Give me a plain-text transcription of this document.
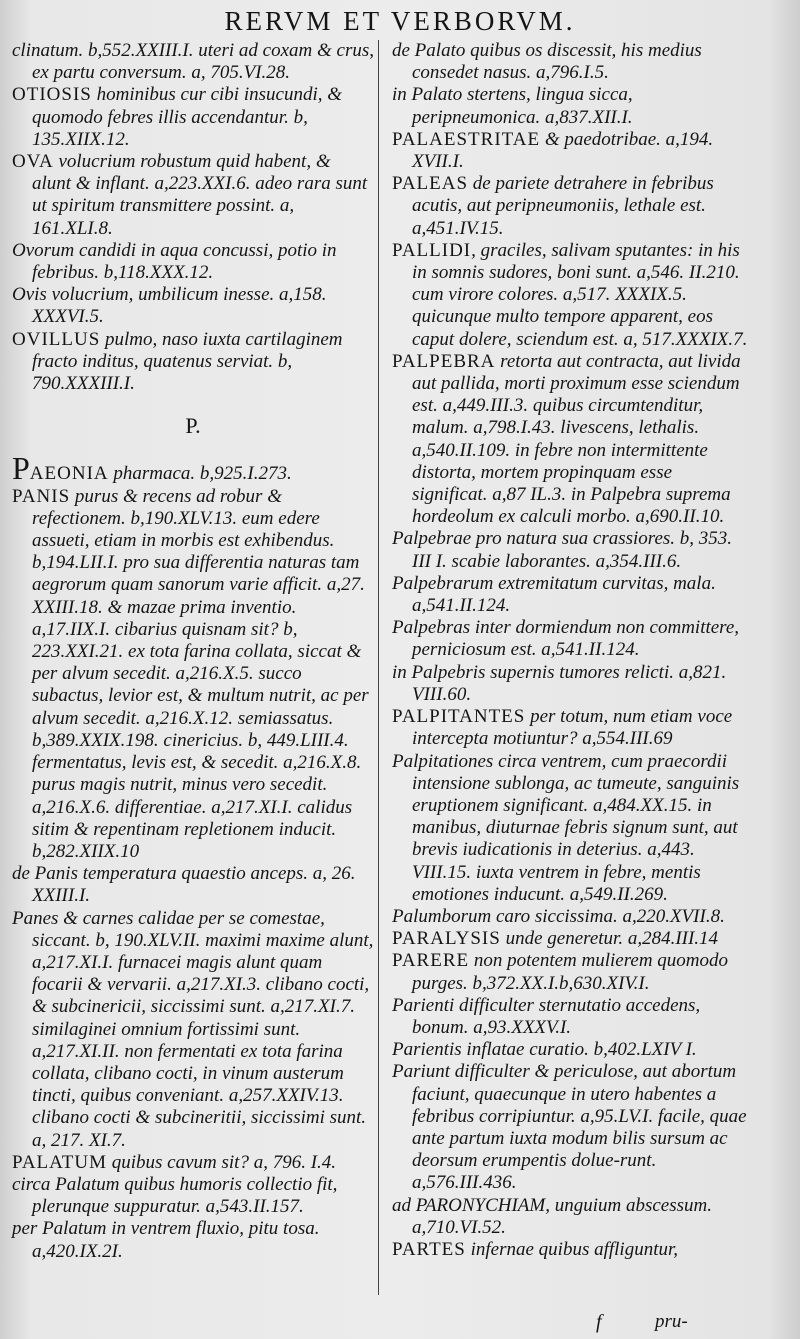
RERVM ET VERBORVM.

clinatum. b,552.XXIII.I. uteri ad coxam & crus, ex partu conversum. a, 705.VI.28.

OTIOSIS hominibus cur cibi insucundi, & quomodo febres illis accendantur. b, 135.XIIX.12.

OVA volucrium robustum quid habent, & alunt & inflant. a,223.XXI.6. adeo rara sunt ut spiritum transmittere possint. a, 161.XLI.8.

Ovorum candidi in aqua concussi, potio in febribus. b,118.XXX.12.

Ovis volucrium, umbilicum inesse. a,158. XXXVI.5.

OVILLUS pulmo, naso iuxta cartilaginem fracto inditus, quatenus serviat. b, 790.XXXIII.I.

P.

PAEONIA pharmaca. b,925.I.273.

PANIS purus & recens ad robur & refectionem. b,190.XLV.13. eum edere assueti, etiam in morbis est exhibendus. b,194.LII.I. pro sua differentia naturas tam aegrorum quam sanorum varie afficit. a,27. XXIII.18. & mazae prima inventio. a,17.IIX.I. cibarius quisnam sit? b, 223.XXI.21. ex tota farina collata, siccat & per alvum secedit. a,216.X.5. succo subactus, levior est, & multum nutrit, ac per alvum secedit. a,216.X.12. semiassatus. b,389.XXIX.198. cinericius. b, 449.LIII.4. fermentatus, levis est, & secedit. a,216.X.8. purus magis nutrit, minus vero secedit. a,216.X.6. differentiae. a,217.XI.I. calidus sitim & repentinam repletionem inducit. b,282.XIIX.10

de Panis temperatura quaestio anceps. a, 26. XXIII.I.

Panes & carnes calidae per se comestae, siccant. b, 190.XLV.II. maximi maxime alunt, a,217.XI.I. furnacei magis alunt quam focarii & vervarii. a,217.XI.3. clibano cocti, & subcinericii, siccissimi sunt. a,217.XI.7. similaginei omnium fortissimi sunt. a,217.XI.II. non fermentati ex tota farina collata, clibano cocti, in vinum austerum tincti, quibus conveniant. a,257.XXIV.13. clibano cocti & subcineritii, siccissimi sunt. a, 217. XI.7.

PALATUM quibus cavum sit? a, 796. I.4.

circa Palatum quibus humoris collectio fit, plerunque suppuratur. a,543.II.157.

per Palatum in ventrem fluxio, pitu tosa. a,420.IX.2I.

de Palato quibus os discessit, his medius consedet nasus. a,796.I.5.

in Palato stertens, lingua sicca, peripneumonica. a,837.XII.I.

PALAESTRITAE & paedotribae. a,194. XVII.I.

PALEAS de pariete detrahere in febribus acutis, aut peripneumoniis, lethale est. a,451.IV.15.

PALLIDI, graciles, salivam sputantes: in his in somnis sudores, boni sunt. a,546. II.210. cum virore colores. a,517. XXXIX.5. quicunque multo tempore apparent, eos caput dolere, sciendum est. a, 517.XXXIX.7.

PALPEBRA retorta aut contracta, aut livida aut pallida, morti proximum esse sciendum est. a,449.III.3. quibus circumtenditur, malum. a,798.I.43. livescens, lethalis. a,540.II.109. in febre non intermittente distorta, mortem propinquam esse significat. a,87 IL.3. in Palpebra suprema hordeolum ex calculi morbo. a,690.II.10.

Palpebrae pro natura sua crassiores. b, 353. III I. scabie laborantes. a,354.III.6.

Palpebrarum extremitatum curvitas, mala. a,541.II.124.

Palpebras inter dormiendum non committere, perniciosum est. a,541.II.124.

in Palpebris supernis tumores relicti. a,821. VIII.60.

PALPITANTES per totum, num etiam voce intercepta motiuntur? a,554.III.69

Palpitationes circa ventrem, cum praecordii intensione sublonga, ac tumeute, sanguinis eruptionem significant. a,484.XX.15. in manibus, diuturnae febris signum sunt, aut brevis iudicationis in deterius. a,443. VIII.15. iuxta ventrem in febre, mentis emotiones inducunt. a,549.II.269.

Palumborum caro siccissima. a,220.XVII.8.

PARALYSIS unde generetur. a,284.III.14

PARERE non potentem mulierem quomodo purges. b,372.XX.I.b,630.XIV.I.

Parienti difficulter sternutatio accedens, bonum. a,93.XXXV.I.

Parientis inflatae curatio. b,402.LXIV I.

Pariunt difficulter & periculose, aut abortum faciunt, quaecunque in utero habentes a febribus corripiuntur. a,95.LV.I. facile, quae ante partum iuxta modum bilis sursum ac deorsum erumpentis dolue-runt. a,576.III.436.

ad PARONYCHIAM, unguium abscessum. a,710.VI.52.

PARTES infernae quibus affliguntur,

f	pru-
